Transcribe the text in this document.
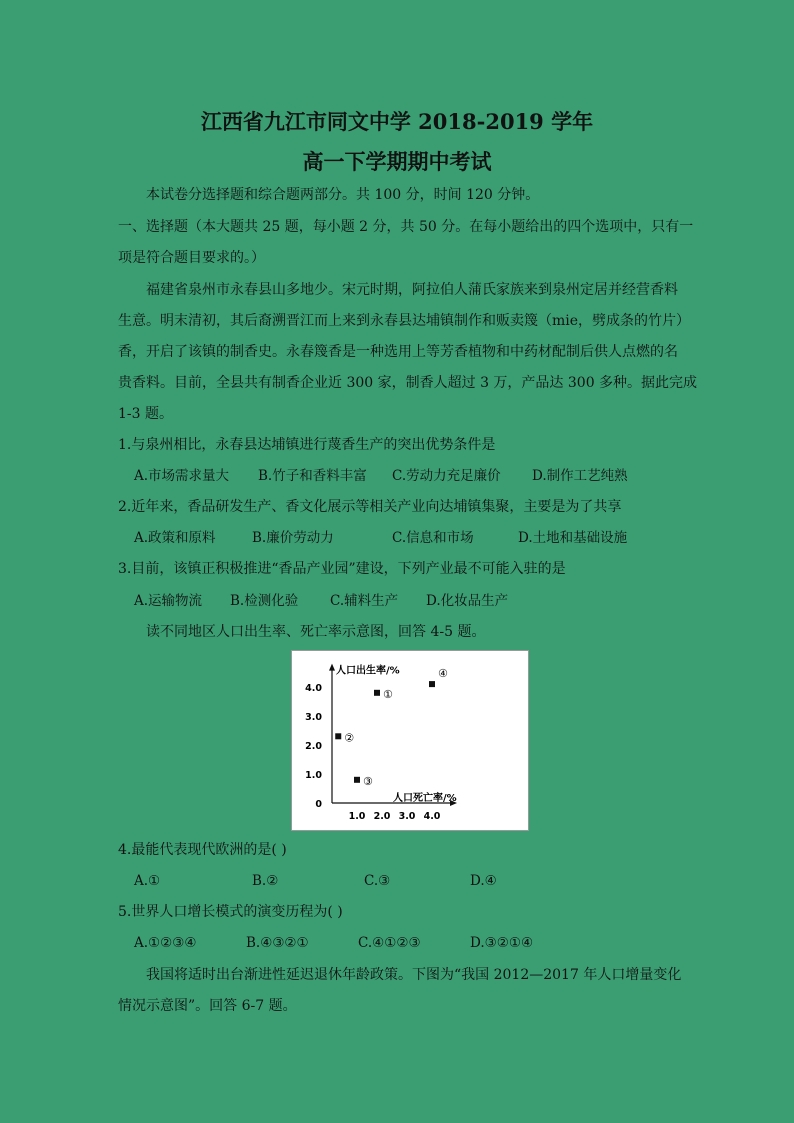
江西省九江市同文中学 2018-2019 学年
高一下学期期中考试
本试卷分选择题和综合题两部分。共 100 分，时间 120 分钟。
一、选择题（本大题共 25 题，每小题 2 分，共 50 分。在每小题给出的四个选项中，只有一
项是符合题目要求的。）
福建省泉州市永春县山多地少。宋元时期，阿拉伯人蒲氏家族来到泉州定居并经营香料
生意。明末清初，其后裔溯晋江而上来到永春县达埔镇制作和贩卖篾（mie，劈成条的竹片）
香，开启了该镇的制香史。永春篾香是一种选用上等芳香植物和中药材配制后供人点燃的名
贵香料。目前，全县共有制香企业近 300 家，制香人超过 3 万，产品达 300 多种。据此完成
1-3 题。
1.与泉州相比，永春县达埔镇进行蔑香生产的突出优势条件是
A.市场需求量大 B.竹子和香料丰富 C.劳动力充足廉价 D.制作工艺纯熟
2.近年来，香品研发生产、香文化展示等相关产业向达埔镇集聚，主要是为了共享
A.政策和原料	B.廉价劳动力	C.信息和市场	D.土地和基础设施
3.目前，该镇正积极推进“香品产业园”建设，下列产业最不可能入驻的是
A.运输物流 B.检测化验 C.辅料生产 D.化妆品生产
读不同地区人口出生率、死亡率示意图，回答 4-5 题。
人口死亡率/%
人口出生率/%
1.0 2.0 3.0 4.0
0
1.0
2.0
3.0
4.0	①
②
③
④
4.最能代表现代欧洲的是( )
A.①	B.②	C.③	D.④
5.世界人口增长模式的演变历程为( )
A.①②③④	B.④③②①	C.④①②③	D.③②①④
我国将适时出台渐进性延迟退休年龄政策。下图为“我国 2012—2017 年人口增量变化
情况示意图”。回答 6-7 题。
